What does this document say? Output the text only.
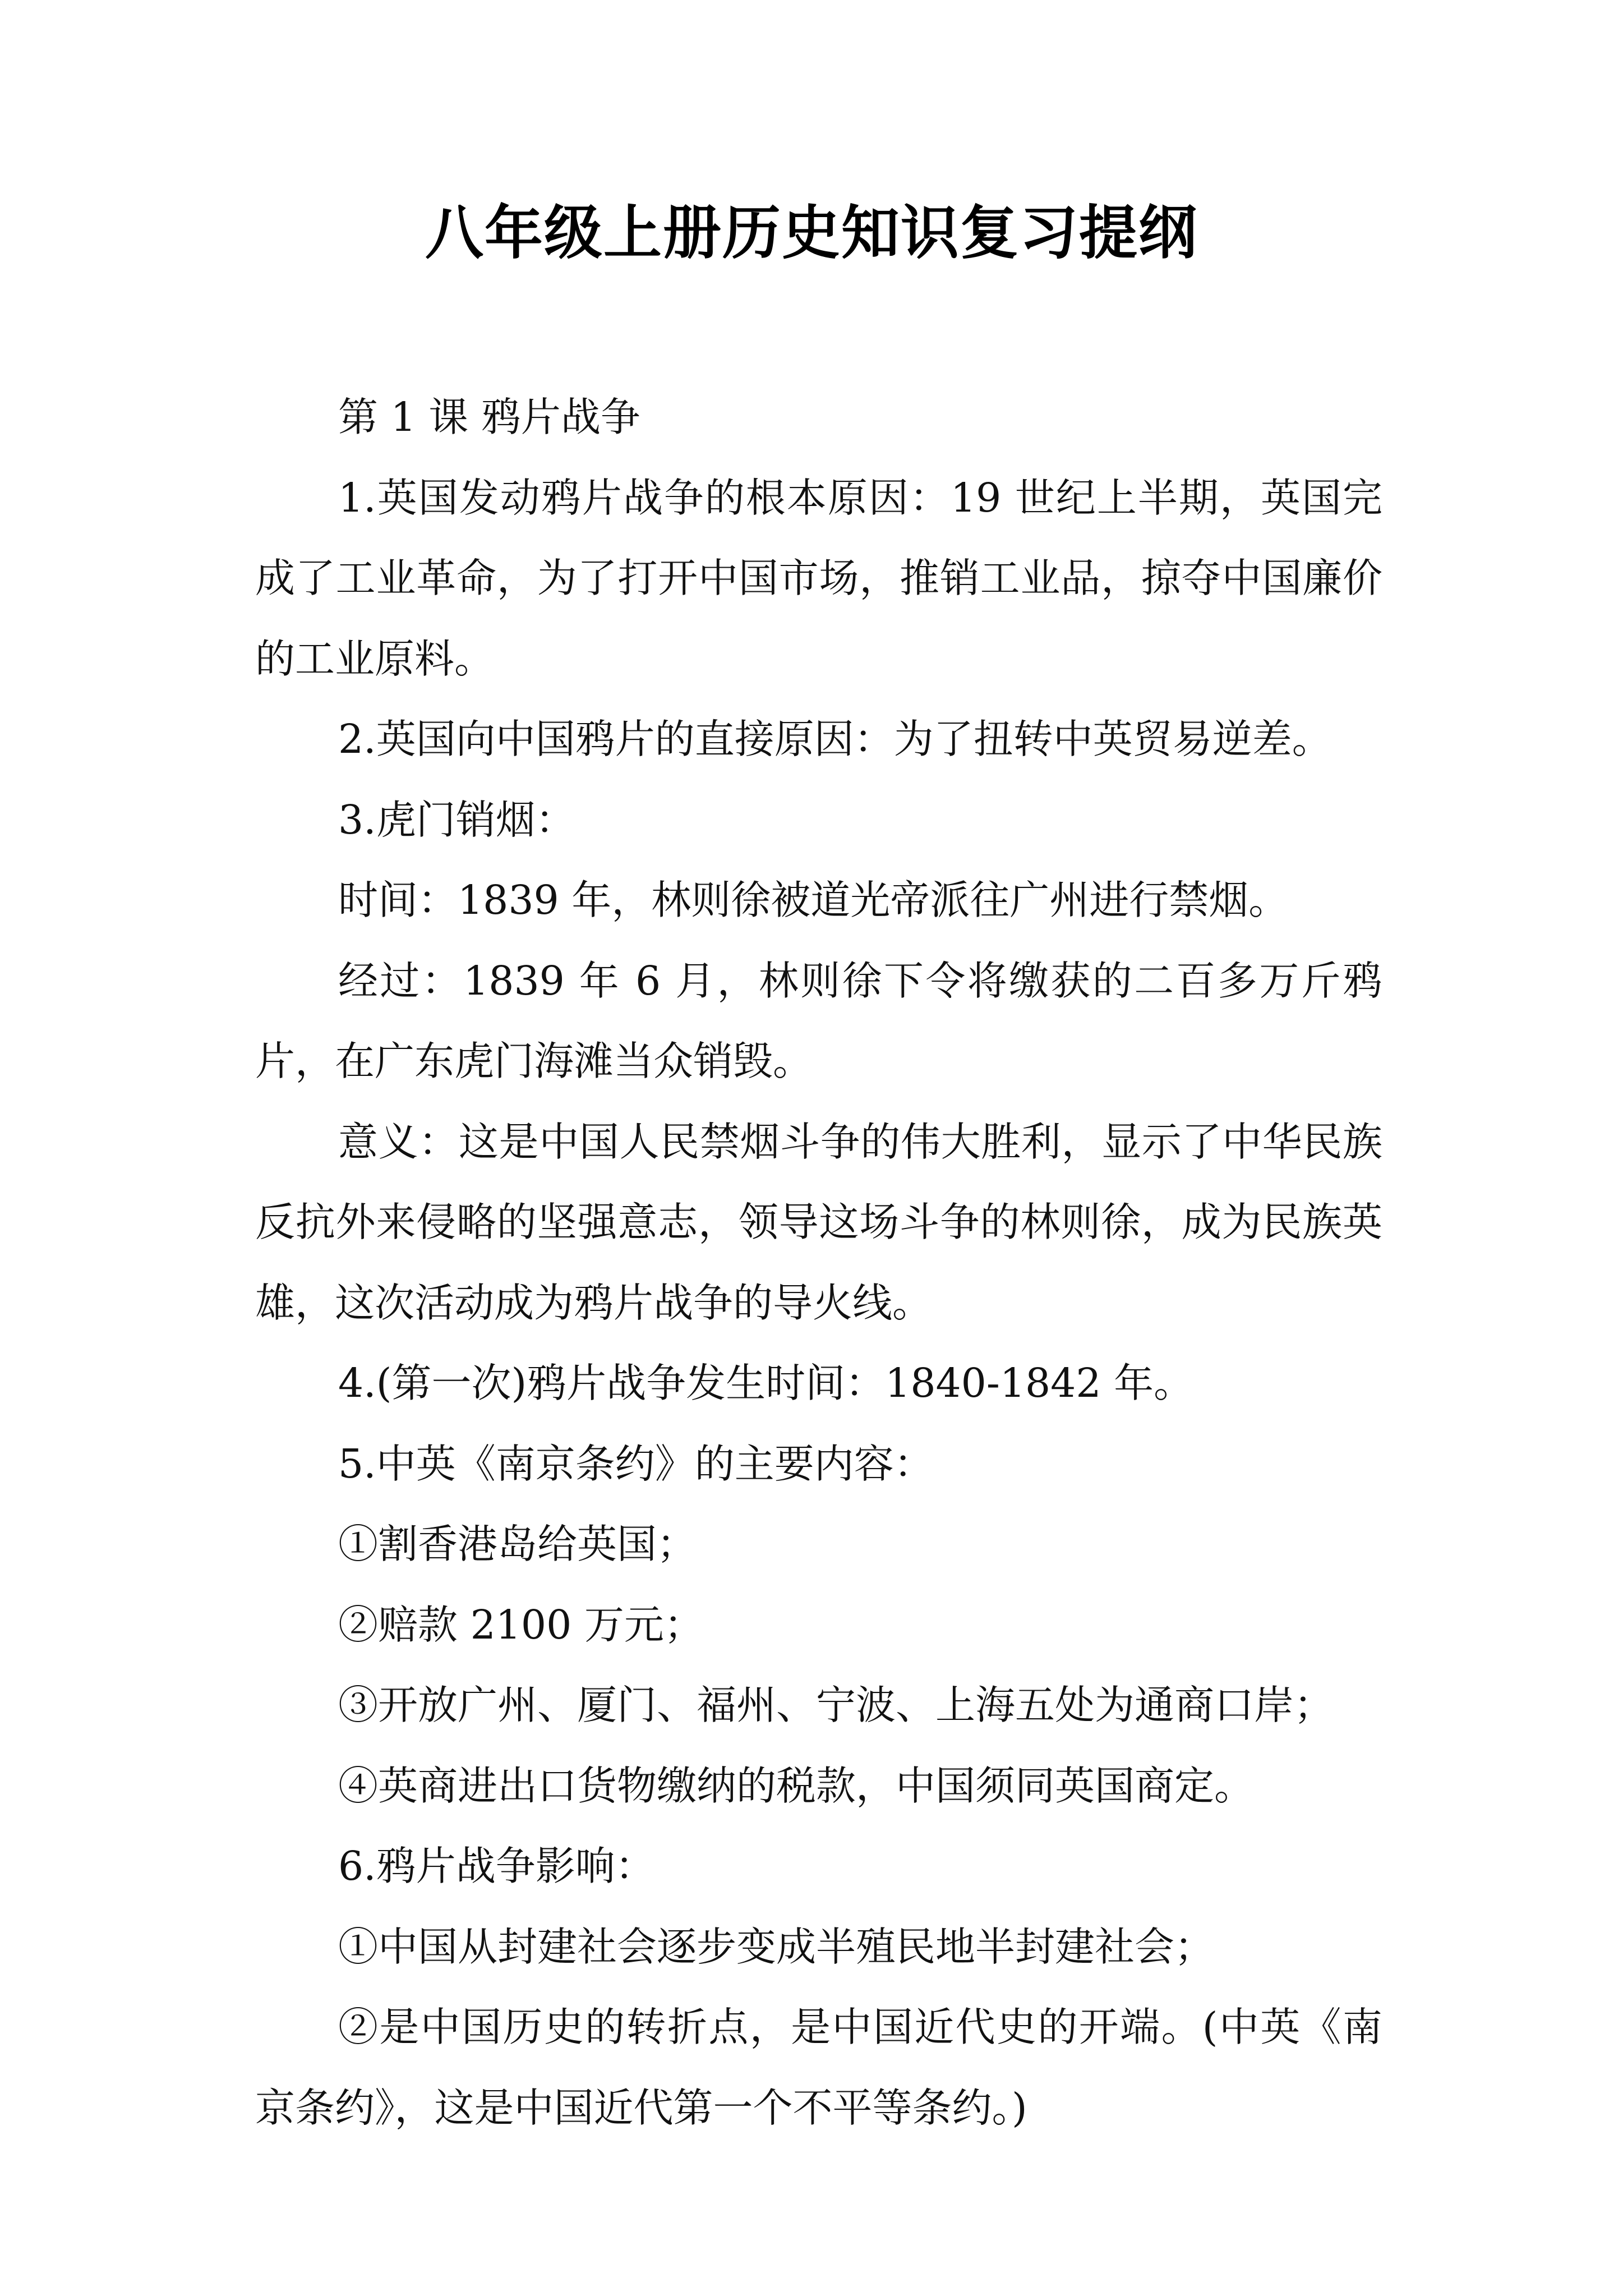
八年级上册历史知识复习提纲

第 1 课 鸦片战争

1.英国发动鸦片战争的根本原因：19 世纪上半期，英国完成了工业革命，为了打开中国市场，推销工业品，掠夺中国廉价的工业原料。

2.英国向中国鸦片的直接原因：为了扭转中英贸易逆差。

3.虎门销烟：

时间：1839 年，林则徐被道光帝派往广州进行禁烟。

经过：1839 年 6 月，林则徐下令将缴获的二百多万斤鸦片，在广东虎门海滩当众销毁。

意义：这是中国人民禁烟斗争的伟大胜利，显示了中华民族反抗外来侵略的坚强意志，领导这场斗争的林则徐，成为民族英雄，这次活动成为鸦片战争的导火线。

4.(第一次)鸦片战争发生时间：1840-1842 年。

5.中英《南京条约》的主要内容：

①割香港岛给英国；

②赔款 2100 万元；

③开放广州、厦门、福州、宁波、上海五处为通商口岸；

④英商进出口货物缴纳的税款，中国须同英国商定。

6.鸦片战争影响：

①中国从封建社会逐步变成半殖民地半封建社会；

②是中国历史的转折点，是中国近代史的开端。(中英《南京条约》，这是中国近代第一个不平等条约。)
